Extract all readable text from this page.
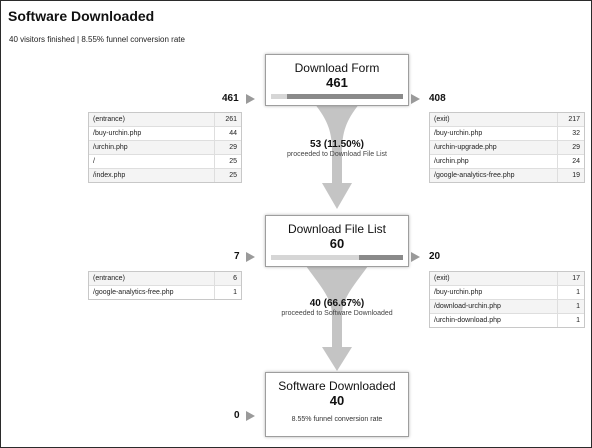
Software Downloaded
40 visitors finished | 8.55% funnel conversion rate
Download Form
461
461	408
(entrance)	261
/buy-urchin.php	44
/urchin.php	29
/	25
/index.php	25
(exit)	217
/buy-urchin.php	32
/urchin-upgrade.php	29
/urchin.php	24
/google-analytics-free.php	19
53 (11.50%)
proceeded to Download File List
Download File List
60
7	20
(entrance)	6
/google-analytics-free.php	1
(exit)	17
/buy-urchin.php	1
/download-urchin.php	1
/urchin-download.php	1
40 (66.67%)
proceeded to Software Downloaded
Software Downloaded
40
8.55% funnel conversion rate
0
